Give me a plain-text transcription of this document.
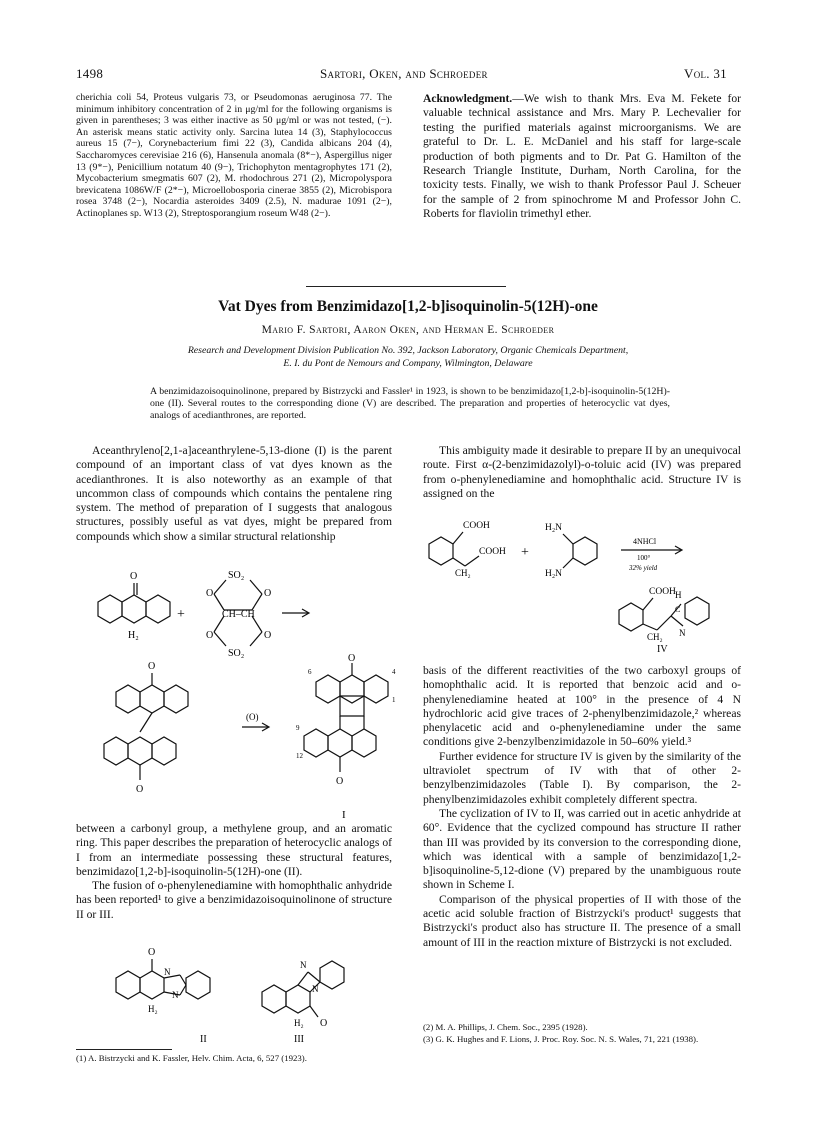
1498	Sartori, Oken, and Schroeder	Vol. 31
cherichia coli 54, Proteus vulgaris 73, or Pseudomonas aeruginosa 77. The minimum inhibitory concentration of 2 in μg/ml for the following organisms is given in parentheses; 3 was either inactive as 50 μg/ml or was not tested, (−). An asterisk means static activity only. Sarcina lutea 14 (3), Staphylococcus aureus 15 (7−), Corynebacterium fimi 22 (3), Candida albicans 204 (4), Saccharomyces cerevisiae 216 (6), Hansenula anomala (8*−), Aspergillus niger 13 (9*−), Penicillium notatum 40 (9−), Trichophyton mentagrophytes 171 (2), Mycobacterium smegmatis 607 (2), M. rhodochrous 271 (2), Micropolyspora brevicatena 1086W/F (2*−), Microellobosporia cinerae 3855 (2), Microbispora rosea 3748 (2−), Nocardia asteroides 3409 (2.5), N. madurae 1091 (2−), Actinoplanes sp. W13 (2), Streptosporangium roseum W48 (2−).
Acknowledgment.—We wish to thank Mrs. Eva M. Fekete for valuable technical assistance and Mrs. Mary P. Lechevalier for testing the purified materials against microorganisms. We are grateful to Dr. L. E. McDaniel and his staff for large-scale production of both pigments and to Dr. Pat G. Hamilton of the Research Triangle Institute, Durham, North Carolina, for the toxicity tests. Finally, we wish to thank Professor Paul J. Scheuer for the sample of 2 from spinochrome M and Professor John C. Roberts for flaviolin trimethyl ether.
Vat Dyes from Benzimidazo[1,2-b]isoquinolin-5(12H)-one
Mario F. Sartori, Aaron Oken, and Herman E. Schroeder
Research and Development Division Publication No. 392, Jackson Laboratory, Organic Chemicals Department,
E. I. du Pont de Nemours and Company, Wilmington, Delaware
A benzimidazoisoquinolinone, prepared by Bistrzycki and Fassler¹ in 1923, is shown to be benzimidazo[1,2-b]-isoquinolin-5(12H)-one (II). Several routes to the corresponding dione (V) are described. The preparation and properties of heterocyclic vat dyes, analogs of acedianthrones, are reported.

Aceanthryleno[2,1-a]aceanthrylene-5,13-dione (I) is the parent compound of an important class of vat dyes known as the acedianthrones. It is also noteworthy as an example of that uncommon class of compounds which contains the pentalene ring system. The method of preparation of I suggests that analogous structures, possibly useful as vat dyes, might be prepared from compounds which show a similar structural relationship

O
H₂
+
SO₂
CH–CH
SO₂
O	O
O	O
O
O
(O)
O
O
6	4
1
9
12
I

between a carbonyl group, a methylene group, and an aromatic ring. This paper describes the preparation of heterocyclic analogs of I from an intermediate possessing these structural features, benzimidazo[1,2-b]-isoquinolin-5(12H)-one (II).

The fusion of o-phenylenediamine with homophthalic anhydride has been reported¹ to give a benzimidazoisoquinolinone of structure II or III.

O
N
N
H₂
N
N
O
H₂
II	III
(1) A. Bistrzycki and K. Fassler, Helv. Chim. Acta, 6, 527 (1923).

This ambiguity made it desirable to prepare II by an unequivocal route. First α-(2-benzimidazolyl)-o-toluic acid (IV) was prepared from o-phenylenediamine and homophthalic acid. Structure IV is assigned on the

COOH
COOH
CH₂
+
H₂N
H₂N
4NHCl
100°
32% yield
COOH
CH₂
H
C
N
IV

basis of the different reactivities of the two carboxyl groups of homophthalic acid. It is reported that benzoic acid and o-phenylenediamine heated at 100° in the presence of 4 N hydrochloric acid give traces of 2-phenylbenzimidazole,² whereas phenylacetic acid and o-phenylenediamine under the same conditions give 2-benzylbenzimidazole in 50–60% yield.³

Further evidence for structure IV is given by the similarity of the ultraviolet spectrum of IV with that of other 2-benzylbenzimidazoles (Table I). By comparison, the 2-phenylbenzimidazoles exhibit completely different spectra.

The cyclization of IV to II, was carried out in acetic anhydride at 60°. Evidence that the cyclized compound has structure II rather than III was provided by its conversion to the corresponding dione, which was identical with a sample of benzimidazo[1,2-b]isoquinoline-5,12-dione (V) prepared by the unambiguous route shown in Scheme I.

Comparison of the physical properties of II with those of the acetic acid soluble fraction of Bistrzycki's product¹ suggests that Bistrzycki's product also has structure II. The presence of a small amount of III in the reaction mixture of Bistrzycki is not excluded.

(2) M. A. Phillips, J. Chem. Soc., 2395 (1928).
(3) G. K. Hughes and F. Lions, J. Proc. Roy. Soc. N. S. Wales, 71, 221 (1938).
